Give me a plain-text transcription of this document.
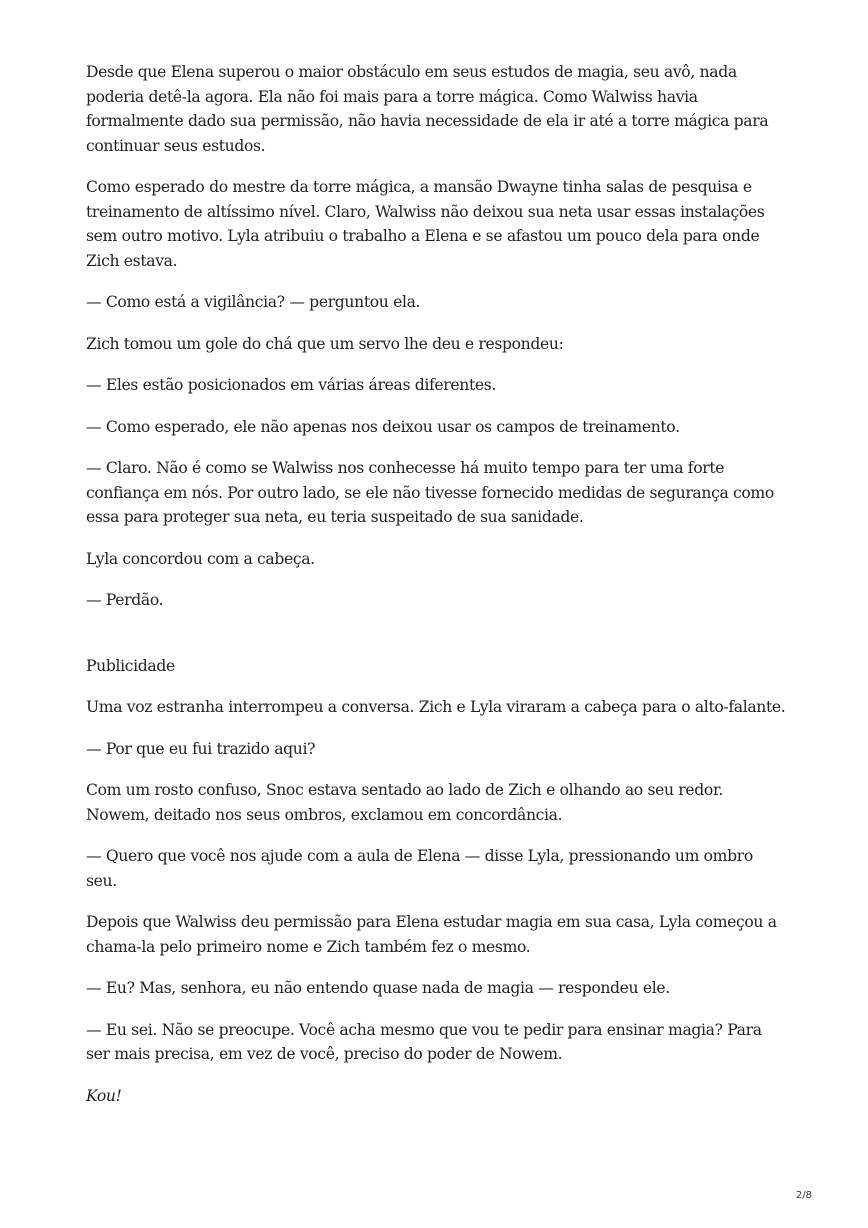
Desde que Elena superou o maior obstáculo em seus estudos de magia, seu avô, nada poderia detê-la agora. Ela não foi mais para a torre mágica. Como Walwiss havia formalmente dado sua permissão, não havia necessidade de ela ir até a torre mágica para continuar seus estudos.

Como esperado do mestre da torre mágica, a mansão Dwayne tinha salas de pesquisa e treinamento de altíssimo nível. Claro, Walwiss não deixou sua neta usar essas instalações sem outro motivo. Lyla atribuiu o trabalho a Elena e se afastou um pouco dela para onde Zich estava.

— Como está a vigilância? — perguntou ela.

Zich tomou um gole do chá que um servo lhe deu e respondeu:

— Eles estão posicionados em várias áreas diferentes.

— Como esperado, ele não apenas nos deixou usar os campos de treinamento.

— Claro. Não é como se Walwiss nos conhecesse há muito tempo para ter uma forte confiança em nós. Por outro lado, se ele não tivesse fornecido medidas de segurança como essa para proteger sua neta, eu teria suspeitado de sua sanidade.

Lyla concordou com a cabeça.

— Perdão.

Publicidade

Uma voz estranha interrompeu a conversa. Zich e Lyla viraram a cabeça para o alto-falante.

— Por que eu fui trazido aqui?

Com um rosto confuso, Snoc estava sentado ao lado de Zich e olhando ao seu redor. Nowem, deitado nos seus ombros, exclamou em concordância.

— Quero que você nos ajude com a aula de Elena — disse Lyla, pressionando um ombro seu.

Depois que Walwiss deu permissão para Elena estudar magia em sua casa, Lyla começou a chama-la pelo primeiro nome e Zich também fez o mesmo.

— Eu? Mas, senhora, eu não entendo quase nada de magia — respondeu ele.

— Eu sei. Não se preocupe. Você acha mesmo que vou te pedir para ensinar magia? Para ser mais precisa, em vez de você, preciso do poder de Nowem.

Kou!

2/8
